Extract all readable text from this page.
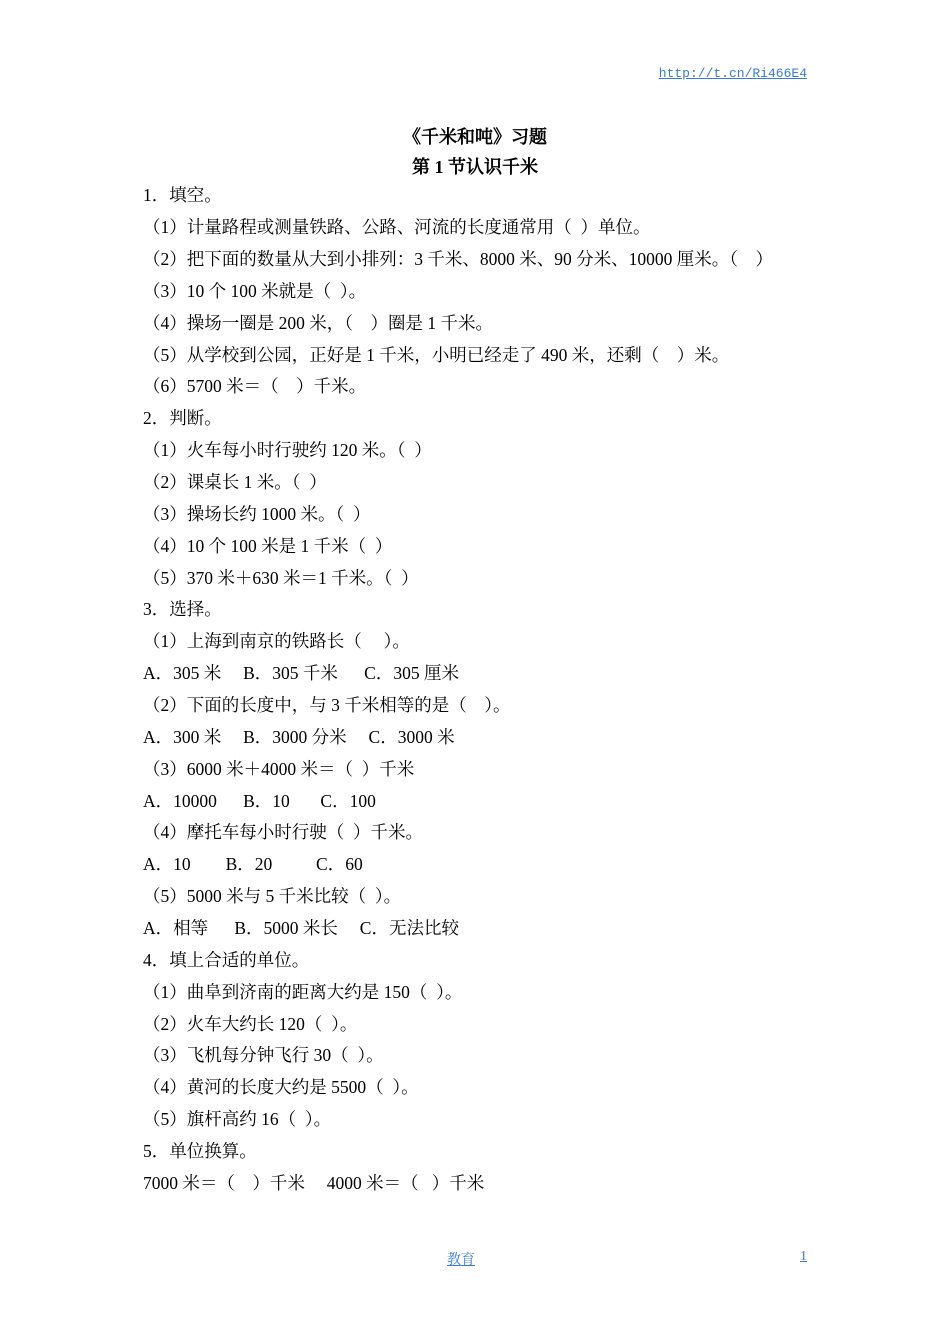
http://t.cn/Ri466E4
《千米和吨》习题
第 1 节认识千米
1．填空。
（1）计量路程或测量铁路、公路、河流的长度通常用（  ）单位。
（2）把下面的数量从大到小排列：3 千米、8000 米、90 分米、10000 厘米。（    ）
（3）10 个 100 米就是（  ）。
（4）操场一圈是 200 米，（    ）圈是 1 千米。
（5）从学校到公园，正好是 1 千米，小明已经走了 490 米，还剩（    ）米。
（6）5700 米＝（    ）千米。
2．判断。
（1）火车每小时行驶约 120 米。（  ）
（2）课桌长 1 米。（  ）
（3）操场长约 1000 米。（  ）
（4）10 个 100 米是 1 千米（  ）
（5）370 米＋630 米＝1 千米。（  ）
3．选择。
（1）上海到南京的铁路长（     ）。
A．305 米     B．305 千米      C．305 厘米
（2）下面的长度中，与 3 千米相等的是（    ）。
A．300 米     B．3000 分米     C．3000 米
（3）6000 米＋4000 米＝（  ）千米
A．10000      B．10       C．100
（4）摩托车每小时行驶（  ）千米。
A．10        B．20          C．60
（5）5000 米与 5 千米比较（  ）。
A．相等      B．5000 米长     C．无法比较
4．填上合适的单位。
（1）曲阜到济南的距离大约是 150（  ）。
（2）火车大约长 120（  ）。
（3）飞机每分钟飞行 30（  ）。
（4）黄河的长度大约是 5500（  ）。
（5）旗杆高约 16（  ）。
5．单位换算。
7000 米＝（    ）千米     4000 米＝（   ）千米
教育	1
